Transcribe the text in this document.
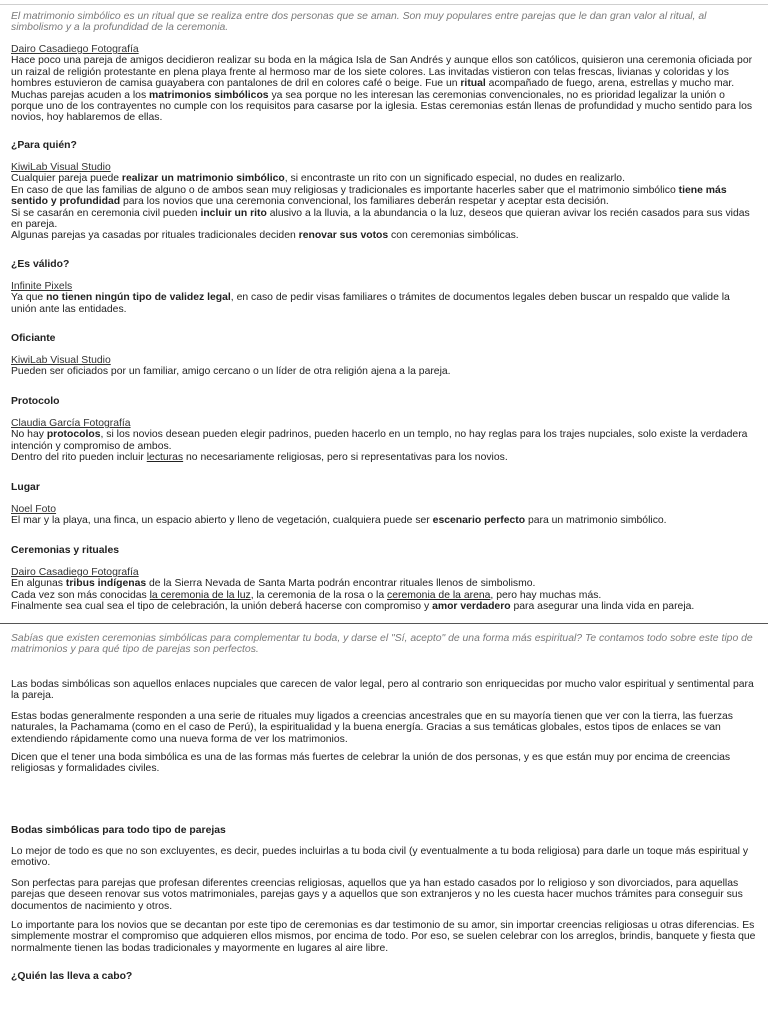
El matrimonio simbólico es un ritual que se realiza entre dos personas que se aman. Son muy populares entre parejas que le dan gran valor al ritual, al simbolismo y a la profundidad de la ceremonia.

Dairo Casadiego Fotografía
Hace poco una pareja de amigos decidieron realizar su boda en la mágica Isla de San Andrés y aunque ellos son católicos, quisieron una ceremonia oficiada por un raizal de religión protestante en plena playa frente al hermoso mar de los siete colores. Las invitadas vistieron con telas frescas, livianas y coloridas y los hombres estuvieron de camisa guayabera con pantalones de dril en colores café o beige. Fue un ritual acompañado de fuego, arena, estrellas y mucho mar.
Muchas parejas acuden a los matrimonios simbólicos ya sea porque no les interesan las ceremonias convencionales, no es prioridad legalizar la unión o porque uno de los contrayentes no cumple con los requisitos para casarse por la iglesia. Estas ceremonias están llenas de profundidad y mucho sentido para los novios, hoy hablaremos de ellas.
¿Para quién?
KiwiLab Visual Studio
Cualquier pareja puede realizar un matrimonio simbólico, si encontraste un rito con un significado especial, no dudes en realizarlo.
En caso de que las familias de alguno o de ambos sean muy religiosas y tradicionales es importante hacerles saber que el matrimonio simbólico tiene más sentido y profundidad para los novios que una ceremonia convencional, los familiares deberán respetar y aceptar esta decisión.
Si se casarán en ceremonia civil pueden incluir un rito alusivo a la lluvia, a la abundancia o la luz, deseos que quieran avivar los recién casados para sus vidas en pareja.
Algunas parejas ya casadas por rituales tradicionales deciden renovar sus votos con ceremonias simbólicas.
¿Es válido?
Infinite Pixels
Ya que no tienen ningún tipo de validez legal, en caso de pedir visas familiares o trámites de documentos legales deben buscar un respaldo que valide la unión ante las entidades.
Oficiante
KiwiLab Visual Studio
Pueden ser oficiados por un familiar, amigo cercano o un líder de otra religión ajena a la pareja.
Protocolo
Claudia García Fotografía
No hay protocolos, si los novios desean pueden elegir padrinos, pueden hacerlo en un templo, no hay reglas para los trajes nupciales, solo existe la verdadera intención y compromiso de ambos.
Dentro del rito pueden incluir lecturas no necesariamente religiosas, pero si representativas para los novios.
Lugar
Noel Foto
El mar y la playa, una finca, un espacio abierto y lleno de vegetación, cualquiera puede ser escenario perfecto para un matrimonio simbólico.
Ceremonias y rituales
Dairo Casadiego Fotografía
En algunas tribus indígenas de la Sierra Nevada de Santa Marta podrán encontrar rituales llenos de simbolismo.
Cada vez son más conocidas la ceremonia de la luz, la ceremonia de la rosa o la ceremonia de la arena, pero hay muchas más.
Finalmente sea cual sea el tipo de celebración, la unión deberá hacerse con compromiso y amor verdadero para asegurar una linda vida en pareja.

Sabías que existen ceremonias simbólicas para complementar tu boda, y darse el "Sí, acepto" de una forma más espiritual? Te contamos todo sobre este tipo de matrimonios y para qué tipo de parejas son perfectos.

Las bodas simbólicas son aquellos enlaces nupciales que carecen de valor legal, pero al contrario son enriquecidas por mucho valor espiritual y sentimental para la pareja.

Estas bodas generalmente responden a una serie de rituales muy ligados a creencias ancestrales que en su mayoría tienen que ver con la tierra, las fuerzas naturales, la Pachamama (como en el caso de Perú), la espiritualidad y la buena energía. Gracias a sus temáticas globales, estos tipos de enlaces se van extendiendo rápidamente como una nueva forma de ver los matrimonios.

Dicen que el tener una boda simbólica es una de las formas más fuertes de celebrar la unión de dos personas, y es que están muy por encima de creencias religiosas y formalidades civiles.

Bodas simbólicas para todo tipo de parejas

Lo mejor de todo es que no son excluyentes, es decir, puedes incluirlas a tu boda civil (y eventualmente a tu boda religiosa) para darle un toque más espiritual y emotivo.

Son perfectas para parejas que profesan diferentes creencias religiosas, aquellos que ya han estado casados por lo religioso y son divorciados, para aquellas parejas que deseen renovar sus votos matrimoniales, parejas gays y a aquellos que son extranjeros y no les cuesta hacer muchos trámites para conseguir sus documentos de nacimiento y otros.

Lo importante para los novios que se decantan por este tipo de ceremonias es dar testimonio de su amor, sin importar creencias religiosas u otras diferencias. Es simplemente mostrar el compromiso que adquieren ellos mismos, por encima de todo. Por eso, se suelen celebrar con los arreglos, brindis, banquete y fiesta que normalmente tienen las bodas tradicionales y mayormente en lugares al aire libre.

¿Quién las lleva a cabo?
